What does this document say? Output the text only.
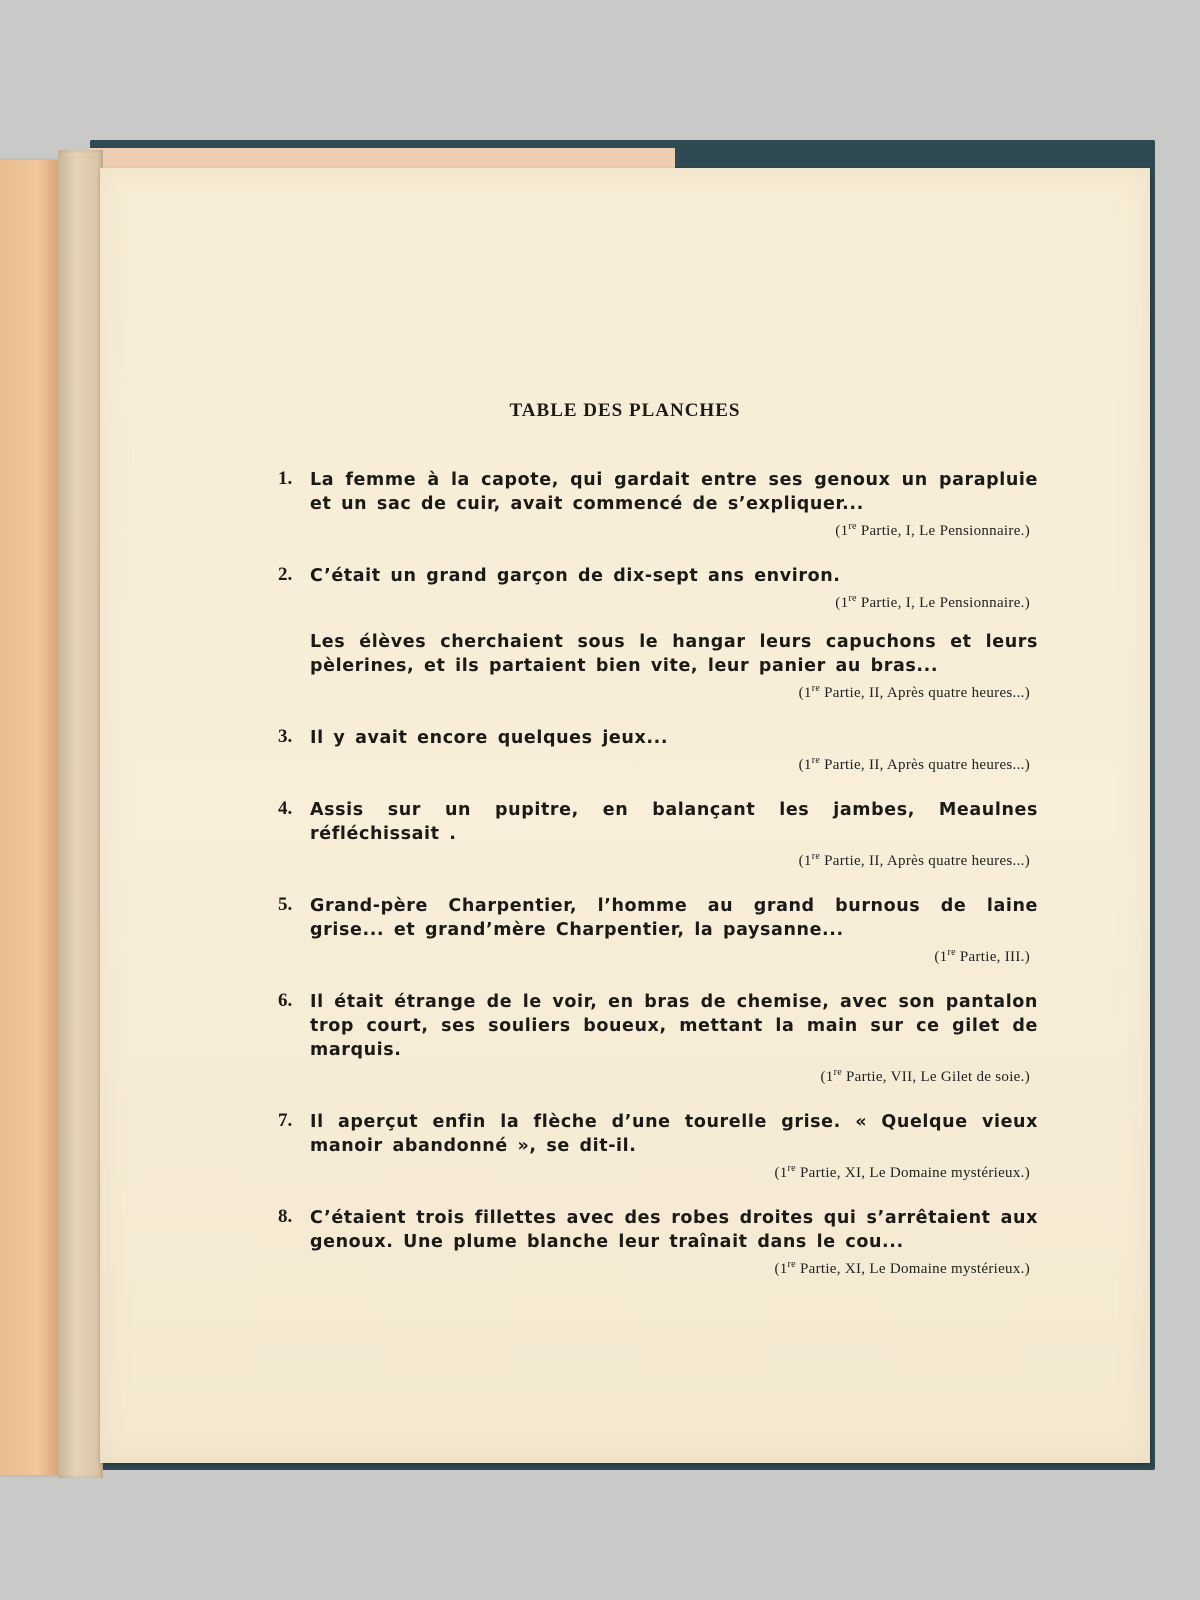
TABLE DES PLANCHES
1. La femme à la capote, qui gardait entre ses genoux un parapluie et un sac de cuir, avait commencé de s’expliquer...
(1re Partie, I, Le Pensionnaire.)
2. C’était un grand garçon de dix-sept ans environ.
(1re Partie, I, Le Pensionnaire.)
Les élèves cherchaient sous le hangar leurs capuchons et leurs pèlerines, et ils partaient bien vite, leur panier au bras...
(1re Partie, II, Après quatre heures...)
3. Il y avait encore quelques jeux...
(1re Partie, II, Après quatre heures...)
4. Assis sur un pupitre, en balançant les jambes, Meaulnes réfléchissait .
(1re Partie, II, Après quatre heures...)
5. Grand-père Charpentier, l’homme au grand burnous de laine grise... et grand’mère Charpentier, la paysanne...
(1re Partie, III.)
6. Il était étrange de le voir, en bras de chemise, avec son pantalon trop court, ses souliers boueux, mettant la main sur ce gilet de marquis.
(1re Partie, VII, Le Gilet de soie.)
7. Il aperçut enfin la flèche d’une tourelle grise. « Quelque vieux manoir abandonné », se dit-il.
(1re Partie, XI, Le Domaine mystérieux.)
8. C’étaient trois fillettes avec des robes droites qui s’arrêtaient aux genoux. Une plume blanche leur traînait dans le cou...
(1re Partie, XI, Le Domaine mystérieux.)
